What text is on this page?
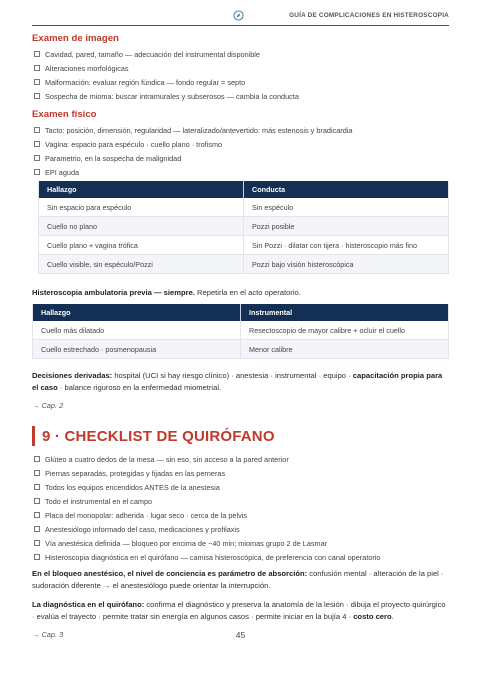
GUÍA DE COMPLICACIONES EN HISTEROSCOPIA
Examen de imagen
Cavidad, pared, tamaño — adecuación del instrumental disponible
Alteraciones morfológicas
Malformación: evaluar región fúndica — fondo regular = septo
Sospecha de mioma: buscar intramurales y subserosos — cambia la conducta
Examen físico
Tacto: posición, dimensión, regularidad — lateralizado/antevertido: más estenosis y bradicardia
Vagina: espacio para espéculo · cuello plano · trofismo
Parametrio, en la sospecha de malignidad
EPI aguda
Hallazgo	Conducta
Sin espacio para espéculo	Sin espéculo
Cuello no plano	Pozzi posible
Cuello plano + vagina trófica	Sin Pozzi · dilatar con tijera · histeroscopio más fino
Cuello visible, sin espéculo/Pozzi	Pozzi bajo visión histeroscópica

Histeroscopia ambulatoria previa — siempre. Repetirla en el acto operatorio.

Hallazgo	Instrumental
Cuello más dilatado	Resectoscopio de mayor calibre + ocluir el cuello
Cuello estrechado · posmenopausia	Menor calibre

Decisiones derivadas: hospital (UCI si hay riesgo clínico) · anestesia · instrumental · equipo · capacitación propia para el caso · balance riguroso en la enfermedad miometrial.

→ Cap. 2
9 · CHECKLIST DE QUIRÓFANO
Glúteo a cuatro dedos de la mesa — sin eso, sin acceso a la pared anterior
Piernas separadas, protegidas y fijadas en las perneras
Todos los equipos encendidos ANTES de la anestesia
Todo el instrumental en el campo
Placa del monopolar: adherida · lugar seco · cerca de la pelvis
Anestesiólogo informado del caso, medicaciones y profilaxis
Vía anestésica definida — bloqueo por encima de ~40 min; miomas grupo 2 de Lasmar
Histeroscopia diagnóstica en el quirófano — camisa histeroscópica, de preferencia con canal operatorio

En el bloqueo anestésico, el nivel de conciencia es parámetro de absorción: confusión mental · alteración de la piel · sudoración diferente → el anestesiólogo puede orientar la interrupción.

La diagnóstica en el quirófano: confirma el diagnóstico y preserva la anatomía de la lesión · dibuja el proyecto quirúrgico · evalúa el trayecto · permite tratar sin energía en algunos casos · permite iniciar en la bujía 4 · costo cero.

→ Cap. 3	45
